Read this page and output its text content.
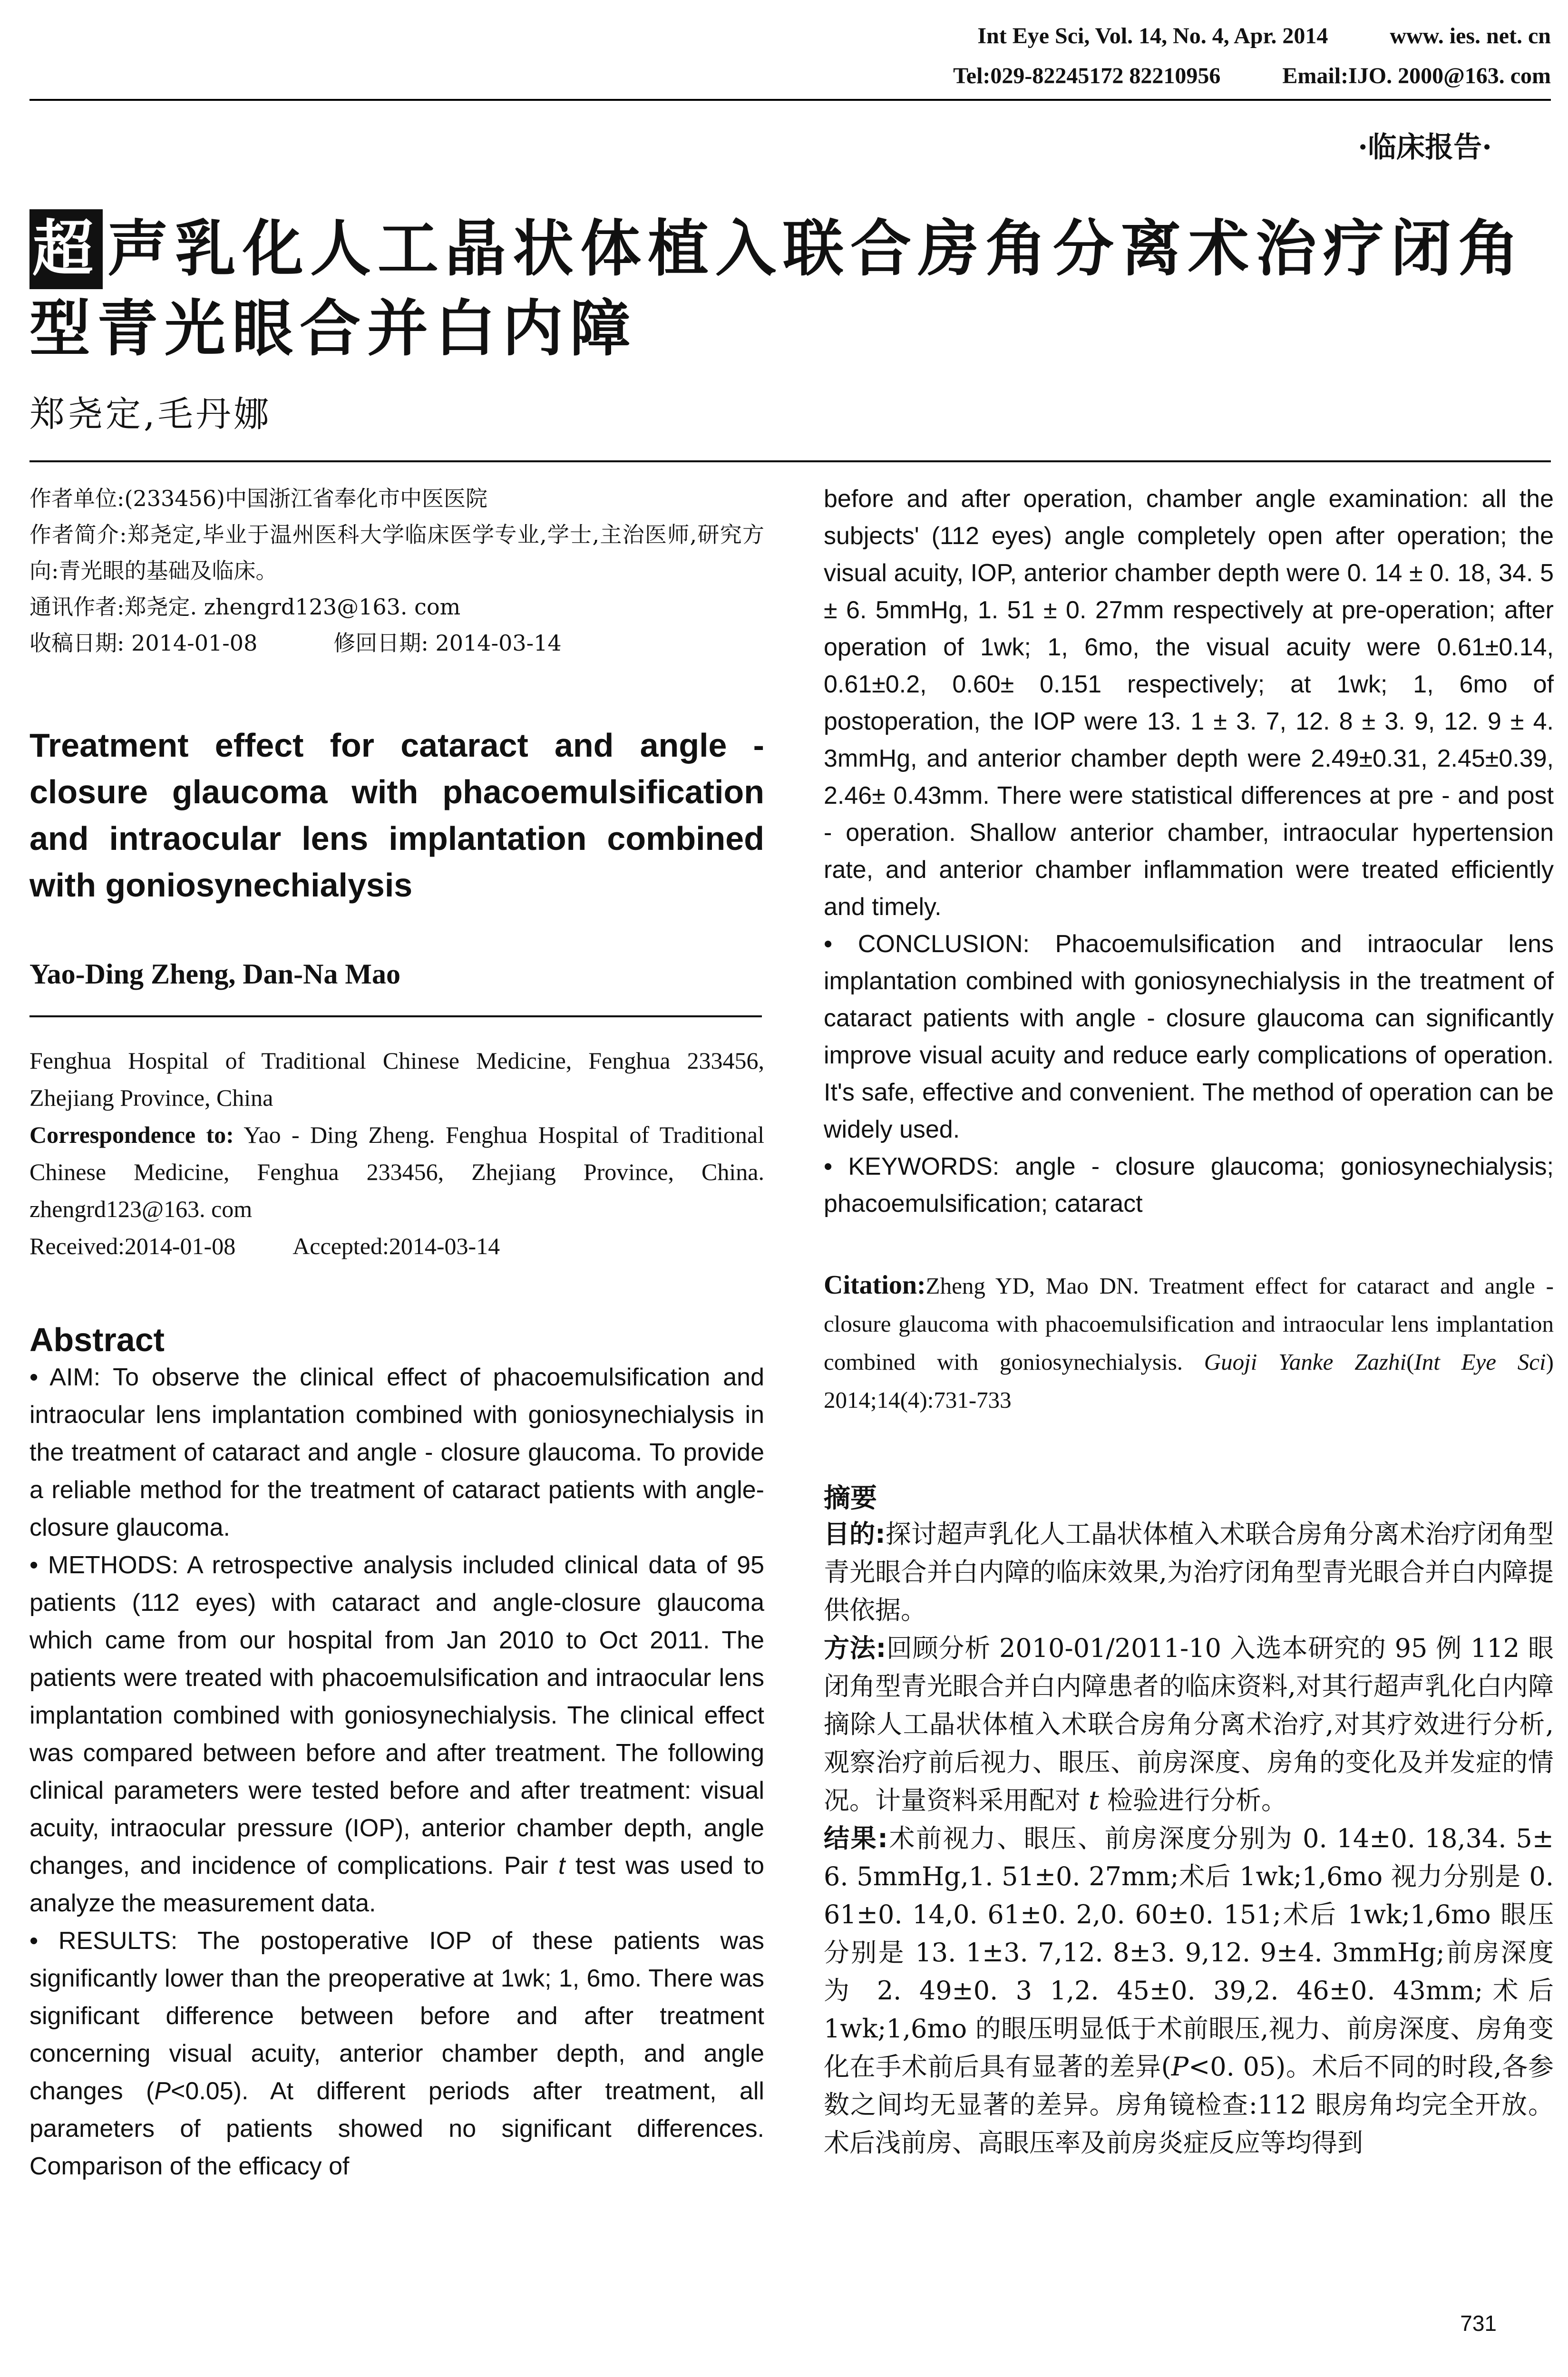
Int Eye Sci, Vol. 14, No. 4, Apr. 2014	www. ies. net. cn
Tel:029-82245172 82210956	Email:IJO. 2000@163. com
·临床报告·
超 声乳化人工晶状体植入联合房角分离术治疗闭角型青光眼合并白内障
郑尧定,毛丹娜

作者单位:(233456)中国浙江省奉化市中医医院

作者简介:郑尧定,毕业于温州医科大学临床医学专业,学士,主治医师,研究方向:青光眼的基础及临床。

通讯作者:郑尧定. zhengrd123@163. com

收稿日期: 2014-01-08	修回日期: 2014-03-14

Treatment effect for cataract and angle - closure glaucoma with phacoemulsification and intraocular lens implantation combined with goniosynechialysis
Yao-Ding Zheng, Dan-Na Mao

Fenghua Hospital of Traditional Chinese Medicine, Fenghua 233456, Zhejiang Province, China

Correspondence to: Yao - Ding Zheng. Fenghua Hospital of Traditional Chinese Medicine, Fenghua 233456, Zhejiang Province, China. zhengrd123@163. com

Received:2014-01-08 Accepted:2014-03-14

Abstract

• AIM: To observe the clinical effect of phacoemulsification and intraocular lens implantation combined with goniosynechialysis in the treatment of cataract and angle - closure glaucoma. To provide a reliable method for the treatment of cataract patients with angle-closure glaucoma.

• METHODS: A retrospective analysis included clinical data of 95 patients (112 eyes) with cataract and angle-closure glaucoma which came from our hospital from Jan 2010 to Oct 2011. The patients were treated with phacoemulsification and intraocular lens implantation combined with goniosynechialysis. The clinical effect was compared between before and after treatment. The following clinical parameters were tested before and after treatment: visual acuity, intraocular pressure (IOP), anterior chamber depth, angle changes, and incidence of complications. Pair t test was used to analyze the measurement data.

• RESULTS: The postoperative IOP of these patients was significantly lower than the preoperative at 1wk; 1, 6mo. There was significant difference between before and after treatment concerning visual acuity, anterior chamber depth, and angle changes (P<0.05). At different periods after treatment, all parameters of patients showed no significant differences. Comparison of the efficacy of

before and after operation, chamber angle examination: all the subjects' (112 eyes) angle completely open after operation; the visual acuity, IOP, anterior chamber depth were 0. 14 ± 0. 18, 34. 5 ± 6. 5mmHg, 1. 51 ± 0. 27mm respectively at pre-operation; after operation of 1wk; 1, 6mo, the visual acuity were 0.61±0.14, 0.61±0.2, 0.60± 0.151 respectively; at 1wk; 1, 6mo of postoperation, the IOP were 13. 1 ± 3. 7, 12. 8 ± 3. 9, 12. 9 ± 4. 3mmHg, and anterior chamber depth were 2.49±0.31, 2.45±0.39, 2.46± 0.43mm. There were statistical differences at pre - and post - operation. Shallow anterior chamber, intraocular hypertension rate, and anterior chamber inflammation were treated efficiently and timely.

• CONCLUSION: Phacoemulsification and intraocular lens implantation combined with goniosynechialysis in the treatment of cataract patients with angle - closure glaucoma can significantly improve visual acuity and reduce early complications of operation. It's safe, effective and convenient. The method of operation can be widely used.

• KEYWORDS: angle - closure glaucoma; goniosynechialysis; phacoemulsification; cataract

Citation:Zheng YD, Mao DN. Treatment effect for cataract and angle - closure glaucoma with phacoemulsification and intraocular lens implantation combined with goniosynechialysis. Guoji Yanke Zazhi(Int Eye Sci) 2014;14(4):731-733
摘要

目的:探讨超声乳化人工晶状体植入术联合房角分离术治疗闭角型青光眼合并白内障的临床效果,为治疗闭角型青光眼合并白内障提供依据。

方法:回顾分析 2010-01/2011-10 入选本研究的 95 例 112 眼闭角型青光眼合并白内障患者的临床资料,对其行超声乳化白内障摘除人工晶状体植入术联合房角分离术治疗,对其疗效进行分析,观察治疗前后视力、眼压、前房深度、房角的变化及并发症的情况。计量资料采用配对 t 检验进行分析。

结果:术前视力、眼压、前房深度分别为 0. 14±0. 18,34. 5± 6. 5mmHg,1. 51±0. 27mm;术后 1wk;1,6mo 视力分别是 0. 61±0. 14,0. 61±0. 2,0. 60±0. 151;术后 1wk;1,6mo 眼压分别是 13. 1±3. 7,12. 8±3. 9,12. 9±4. 3mmHg;前房深度为 2. 49±0. 3 1,2. 45±0. 39,2. 46±0. 43mm;术后 1wk;1,6mo 的眼压明显低于术前眼压,视力、前房深度、房角变化在手术前后具有显著的差异(P<0. 05)。术后不同的时段,各参数之间均无显著的差异。房角镜检查:112 眼房角均完全开放。术后浅前房、高眼压率及前房炎症反应等均得到

731
